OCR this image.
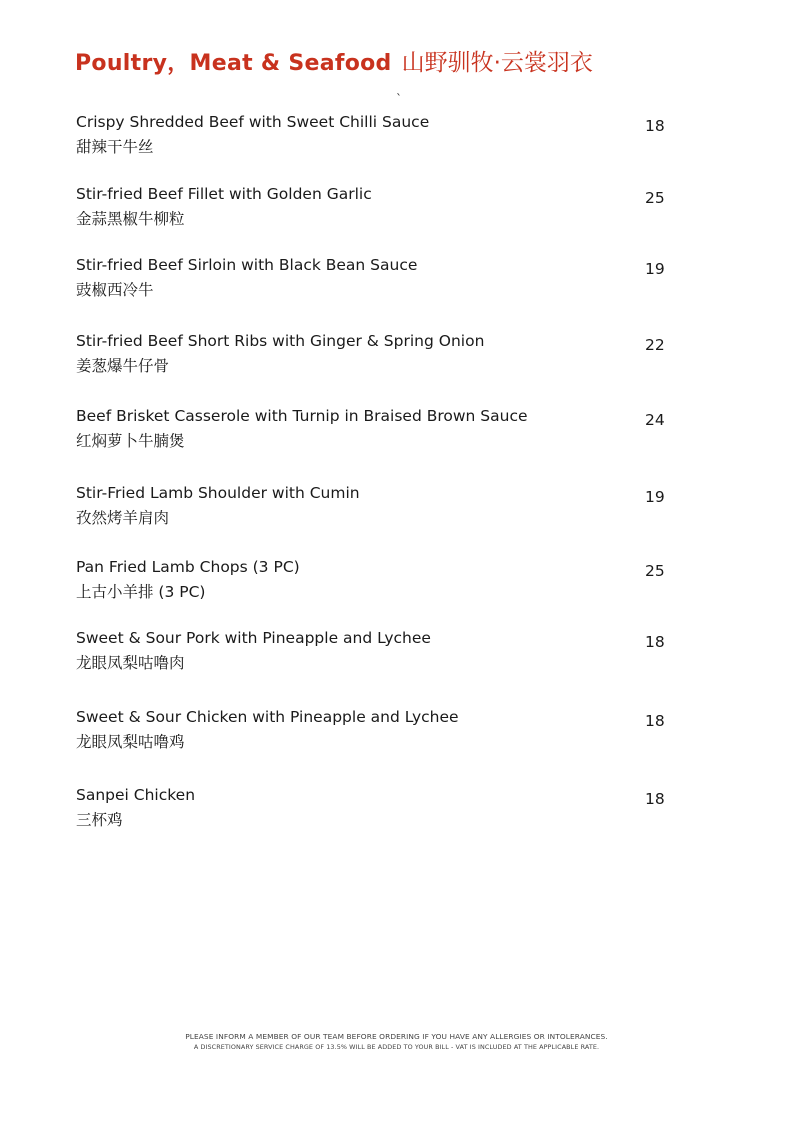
Poultry，Meat & Seafood 山野驯牧·云裳羽衣
`
Crispy Shredded Beef with Sweet Chilli Sauce
甜辣干牛丝
18
Stir-fried Beef Fillet with Golden Garlic
金蒜黑椒牛柳粒
25
Stir-fried Beef Sirloin with Black Bean Sauce
豉椒西冷牛
19
Stir-fried Beef Short Ribs with Ginger & Spring Onion
姜葱爆牛仔骨
22
Beef Brisket Casserole with Turnip in Braised Brown Sauce
红焖萝卜牛腩煲
24
Stir-Fried Lamb Shoulder with Cumin
孜然烤羊肩肉
19
Pan Fried Lamb Chops (3 PC)
上古小羊排 (3 PC)
25
Sweet & Sour Pork with Pineapple and Lychee
龙眼凤梨咕噜肉
18
Sweet & Sour Chicken with Pineapple and Lychee
龙眼凤梨咕噜鸡
18
Sanpei Chicken
三杯鸡
18
PLEASE INFORM A MEMBER OF OUR TEAM BEFORE ORDERING IF YOU HAVE ANY ALLERGIES OR INTOLERANCES.
A DISCRETIONARY SERVICE CHARGE OF 13.5% WILL BE ADDED TO YOUR BILL - VAT IS INCLUDED AT THE APPLICABLE RATE.
